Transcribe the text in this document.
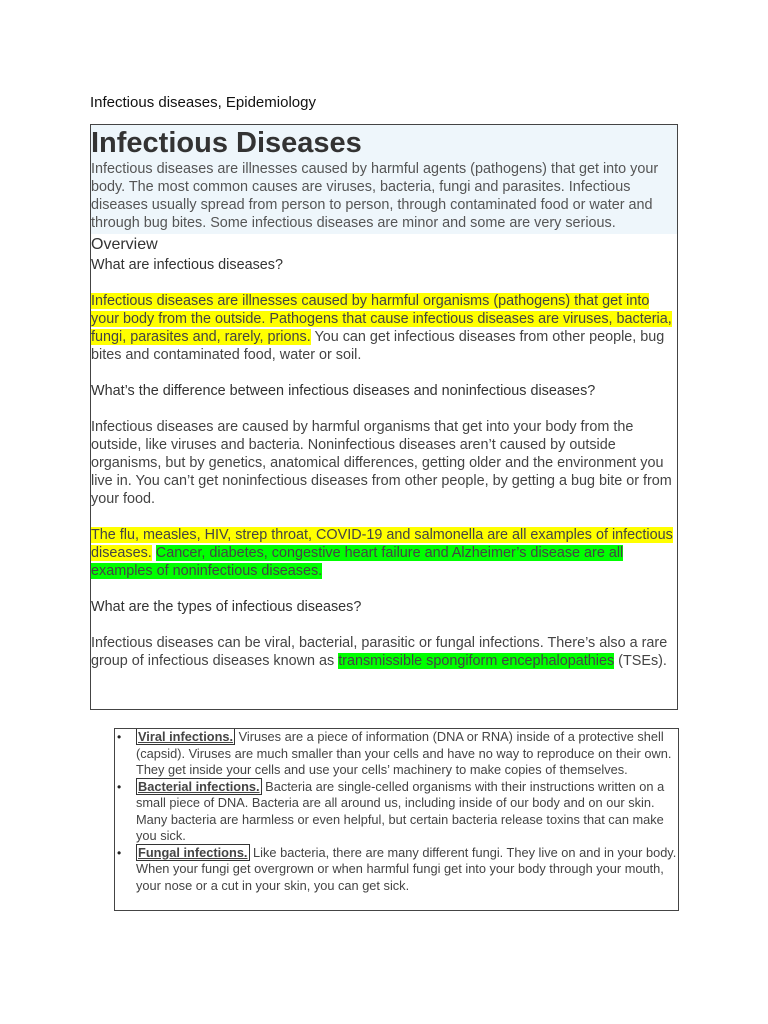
Infectious diseases, Epidemiology
Infectious Diseases

Infectious diseases are illnesses caused by harmful agents (pathogens) that get into your body. The most common causes are viruses, bacteria, fungi and parasites. Infectious diseases usually spread from person to person, through contaminated food or water and through bug bites. Some infectious diseases are minor and some are very serious.

Overview

What are infectious diseases?

Infectious diseases are illnesses caused by harmful organisms (pathogens) that get into your body from the outside. Pathogens that cause infectious diseases are viruses, bacteria, fungi, parasites and, rarely, prions. You can get infectious diseases from other people, bug bites and contaminated food, water or soil.

What’s the difference between infectious diseases and noninfectious diseases?

Infectious diseases are caused by harmful organisms that get into your body from the outside, like viruses and bacteria. Noninfectious diseases aren’t caused by outside organisms, but by genetics, anatomical differences, getting older and the environment you live in. You can’t get noninfectious diseases from other people, by getting a bug bite or from your food.

The flu, measles, HIV, strep throat, COVID-19 and salmonella are all examples of infectious diseases. Cancer, diabetes, congestive heart failure and Alzheimer’s disease are all examples of noninfectious diseases.

What are the types of infectious diseases?

Infectious diseases can be viral, bacterial, parasitic or fungal infections. There’s also a rare group of infectious diseases known as transmissible spongiform encephalopathies (TSEs).

• Viral infections. Viruses are a piece of information (DNA or RNA) inside of a protective shell (capsid). Viruses are much smaller than your cells and have no way to reproduce on their own. They get inside your cells and use your cells’ machinery to make copies of themselves.
• Bacterial infections. Bacteria are single-celled organisms with their instructions written on a small piece of DNA. Bacteria are all around us, including inside of our body and on our skin. Many bacteria are harmless or even helpful, but certain bacteria release toxins that can make you sick.
• Fungal infections. Like bacteria, there are many different fungi. They live on and in your body. When your fungi get overgrown or when harmful fungi get into your body through your mouth, your nose or a cut in your skin, you can get sick.
